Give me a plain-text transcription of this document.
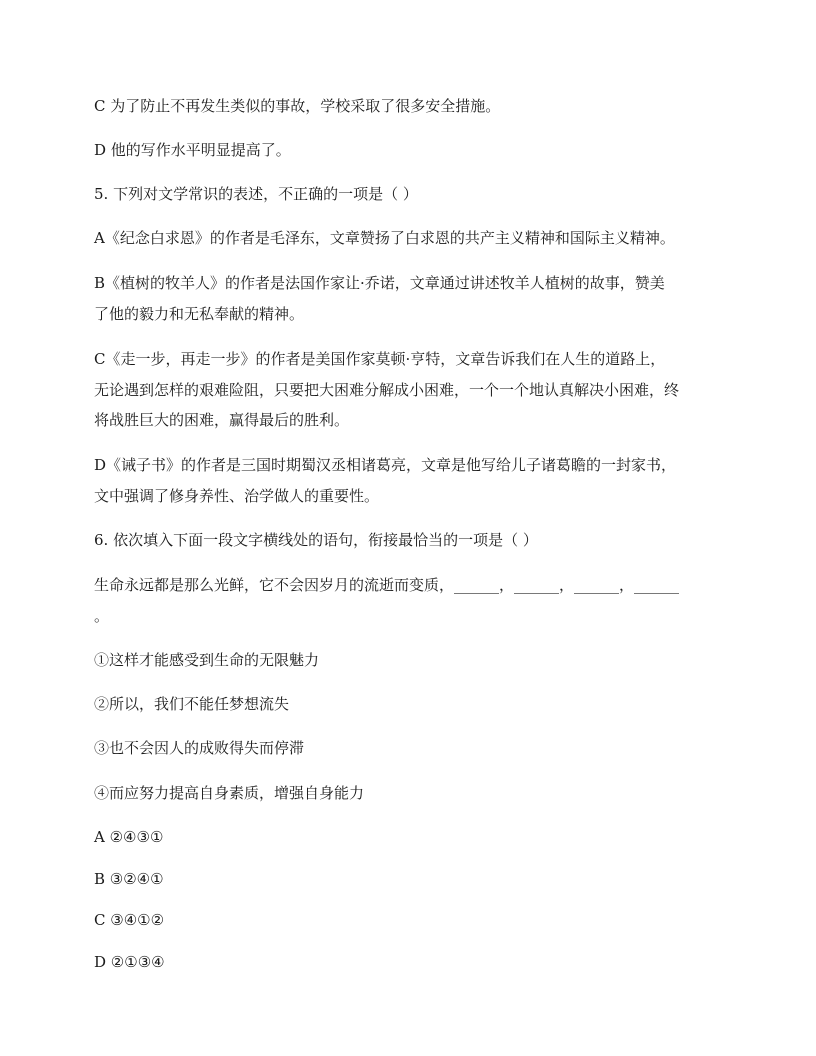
C 为了防止不再发生类似的事故，学校采取了很多安全措施。
D 他的写作水平明显提高了。
5. 下列对文学常识的表述，不正确的一项是（ ）
A《纪念白求恩》的作者是毛泽东，文章赞扬了白求恩的共产主义精神和国际主义精神。
B《植树的牧羊人》的作者是法国作家让·乔诺，文章通过讲述牧羊人植树的故事，赞美
了他的毅力和无私奉献的精神。
C《走一步，再走一步》的作者是美国作家莫顿·亨特，文章告诉我们在人生的道路上，
无论遇到怎样的艰难险阻，只要把大困难分解成小困难，一个一个地认真解决小困难，终
将战胜巨大的困难，赢得最后的胜利。
D《诫子书》的作者是三国时期蜀汉丞相诸葛亮，文章是他写给儿子诸葛瞻的一封家书，
文中强调了修身养性、治学做人的重要性。
6. 依次填入下面一段文字横线处的语句，衔接最恰当的一项是（ ）
生命永远都是那么光鲜，它不会因岁月的流逝而变质，______，______，______，______
。
①这样才能感受到生命的无限魅力
②所以，我们不能任梦想流失
③也不会因人的成败得失而停滞
④而应努力提高自身素质，增强自身能力
A ②④③①
B ③②④①
C ③④①②
D ②①③④
